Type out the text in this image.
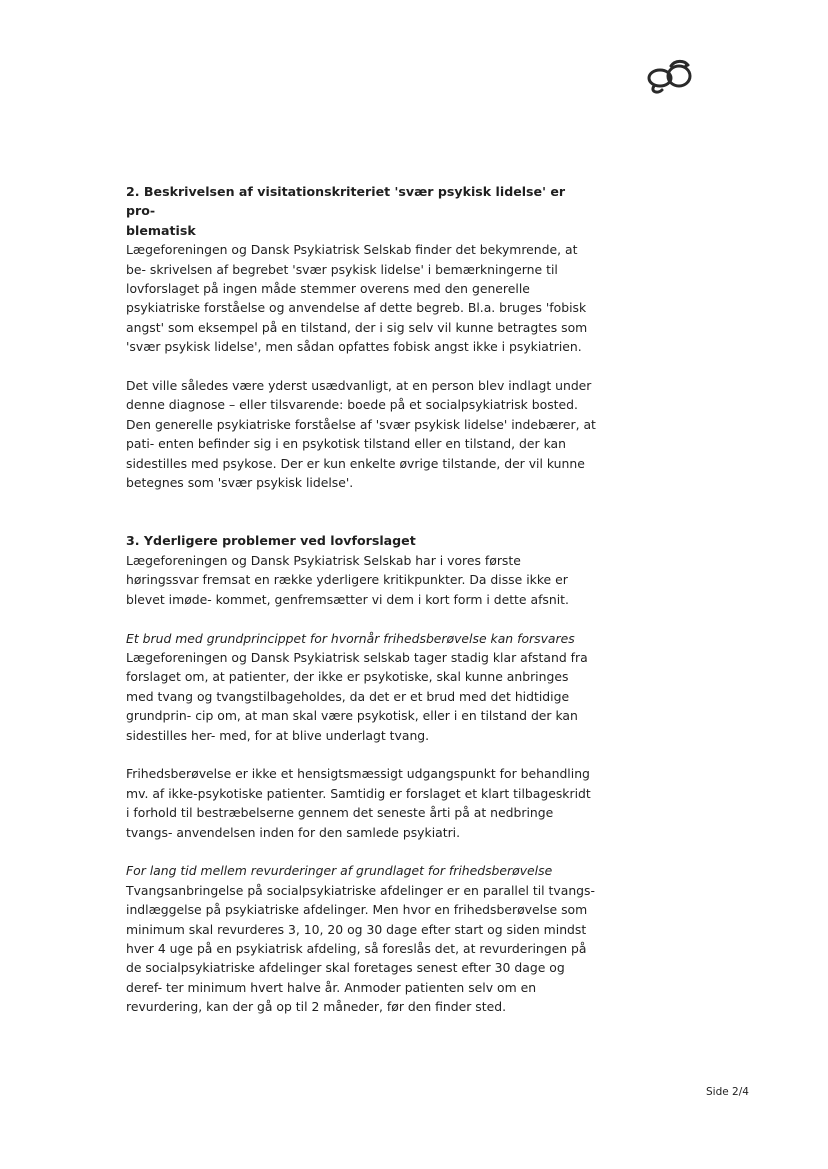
2. Beskrivelsen af visitationskriteriet 'svær psykisk lidelse' er pro-
blematisk

Lægeforeningen og Dansk Psykiatrisk Selskab finder det bekymrende, at be- skrivelsen af begrebet 'svær psykisk lidelse' i bemærkningerne til lovforslaget på ingen måde stemmer overens med den generelle psykiatriske forståelse og anvendelse af dette begreb. Bl.a. bruges 'fobisk angst' som eksempel på en tilstand, der i sig selv vil kunne betragtes som 'svær psykisk lidelse', men sådan opfattes fobisk angst ikke i psykiatrien.

Det ville således være yderst usædvanligt, at en person blev indlagt under denne diagnose – eller tilsvarende: boede på et socialpsykiatrisk bosted. Den generelle psykiatriske forståelse af 'svær psykisk lidelse' indebærer, at pati- enten befinder sig i en psykotisk tilstand eller en tilstand, der kan sidestilles med psykose. Der er kun enkelte øvrige tilstande, der vil kunne betegnes som 'svær psykisk lidelse'.

3. Yderligere problemer ved lovforslaget

Lægeforeningen og Dansk Psykiatrisk Selskab har i vores første høringssvar fremsat en række yderligere kritikpunkter. Da disse ikke er blevet imøde- kommet, genfremsætter vi dem i kort form i dette afsnit.

Et brud med grundprincippet for hvornår frihedsberøvelse kan forsvares

Lægeforeningen og Dansk Psykiatrisk selskab tager stadig klar afstand fra forslaget om, at patienter, der ikke er psykotiske, skal kunne anbringes med tvang og tvangstilbageholdes, da det er et brud med det hidtidige grundprin- cip om, at man skal være psykotisk, eller i en tilstand der kan sidestilles her- med, for at blive underlagt tvang.

Frihedsberøvelse er ikke et hensigtsmæssigt udgangspunkt for behandling mv. af ikke-psykotiske patienter. Samtidig er forslaget et klart tilbageskridt i forhold til bestræbelserne gennem det seneste årti på at nedbringe tvangs- anvendelsen inden for den samlede psykiatri.

For lang tid mellem revurderinger af grundlaget for frihedsberøvelse

Tvangsanbringelse på socialpsykiatriske afdelinger er en parallel til tvangs- indlæggelse på psykiatriske afdelinger. Men hvor en frihedsberøvelse som minimum skal revurderes 3, 10, 20 og 30 dage efter start og siden mindst hver 4 uge på en psykiatrisk afdeling, så foreslås det, at revurderingen på de socialpsykiatriske afdelinger skal foretages senest efter 30 dage og deref- ter minimum hvert halve år. Anmoder patienten selv om en revurdering, kan der gå op til 2 måneder, før den finder sted.

Side 2/4
